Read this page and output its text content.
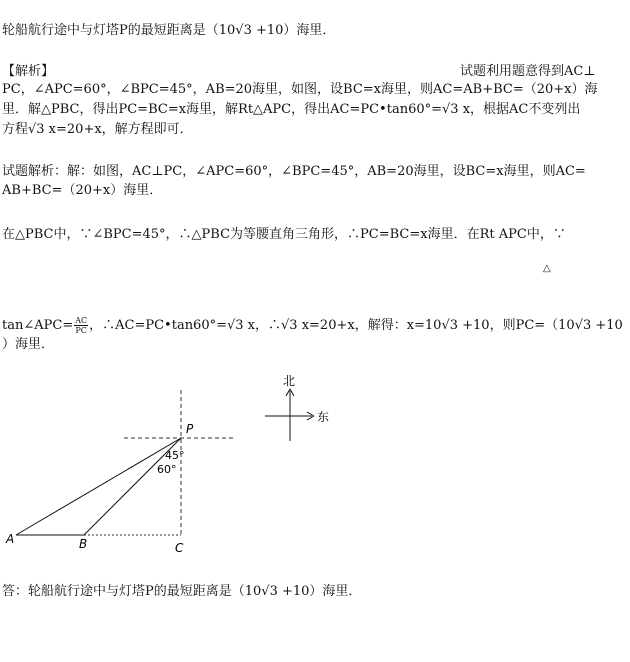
轮船航行途中与灯塔P的最短距离是（10√3 +10）海里．
【解析】	试题利用题意得到AC⊥
PC，∠APC=60°，∠BPC=45°，AB=20海里，如图，设BC=x海里，则AC=AB+BC=（20+x）海
里．解△PBC，得出PC=BC=x海里，解Rt△APC，得出AC=PC•tan60°=√3 x，根据AC不变列出
方程√3 x=20+x，解方程即可．
试题解析：解：如图，AC⊥PC，∠APC=60°，∠BPC=45°，AB=20海里，设BC=x海里，则AC=
AB+BC=（20+x）海里．
在△PBC中，∵∠BPC=45°，∴△PBC为等腰直角三角形，∴PC=BC=x海里．在Rt APC中，∵
△
tan∠APC= $\frac{AC}{PC}$ ，∴AC=PC•tan60°=√3 x，∴√3 x=20+x，解得：x=10√3 +10，则PC=（10√3 +10
）海里．
P
A	B	C
45°
60°
北
东
答：轮船航行途中与灯塔P的最短距离是（10√3 +10）海里．
